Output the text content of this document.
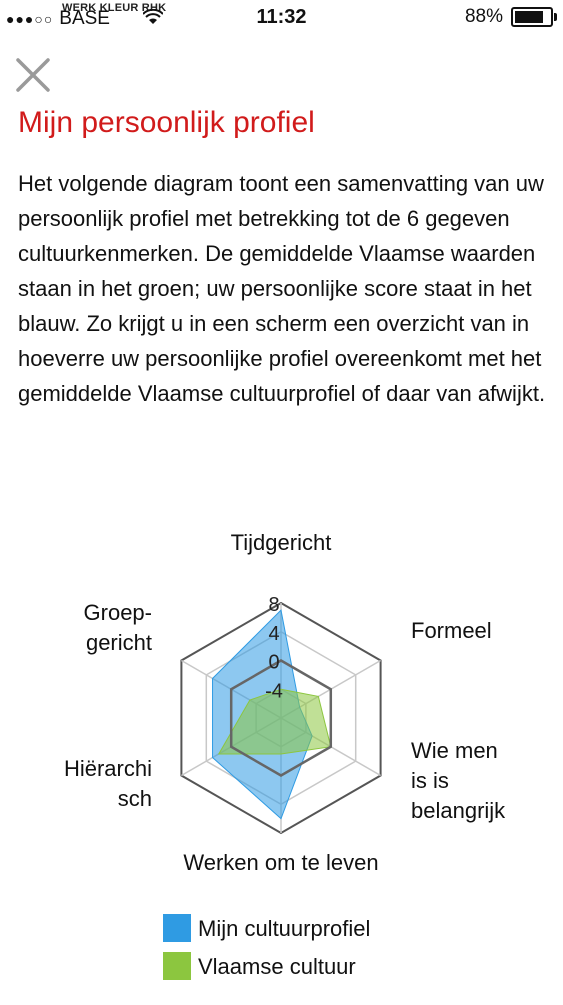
●●●○○ BASE
WERK KLEUR RHK	11:32	88%
Mijn persoonlijk profiel

Het volgende diagram toont een samenvatting van uw persoonlijk profiel met betrekking tot de 6 gegeven cultuurkenmerken. De gemiddelde Vlaamse waarden staan in het groen; uw persoonlijke score staat in het blauw. Zo krijgt u in een scherm een overzicht van in hoeverre uw persoonlijke profiel overeenkomt met het gemiddelde Vlaamse cultuurprofiel of daar van afwijkt.

8
4
0
-4
Tijdgericht
Formeel
Wie men is is belangrijk
Werken om te leven
Hiërarchi sch
Groep-gericht
Mijn cultuurprofiel
Vlaamse cultuur
